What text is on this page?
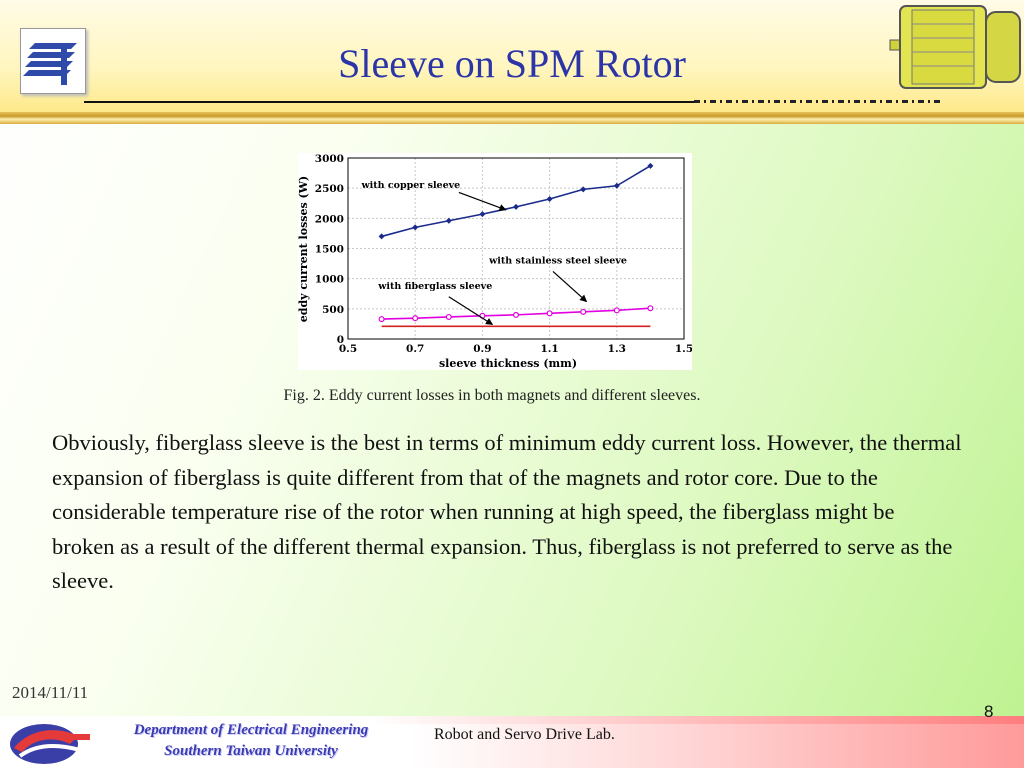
Sleeve on SPM Rotor
0.5	0.7	0.9	1.1	1.3	1.5
0
500
1000
1500
2000
2500
3000
with copper sleeve
with stainless steel sleeve
with fiberglass sleeve
sleeve thickness (mm)
eddy current losses (W)
Fig. 2. Eddy current losses in both magnets and different sleeves.
Obviously, fiberglass sleeve is the best in terms of minimum eddy current loss. However, the thermal expansion of fiberglass is quite different from that of the magnets and rotor core. Due to the considerable temperature rise of the rotor when running at high speed, the fiberglass might be broken as a result of the different thermal expansion. Thus, fiberglass is not preferred to serve as the sleeve.
2014/11/11
Department of Electrical Engineering
Southern Taiwan University
Robot and Servo Drive Lab.
8
